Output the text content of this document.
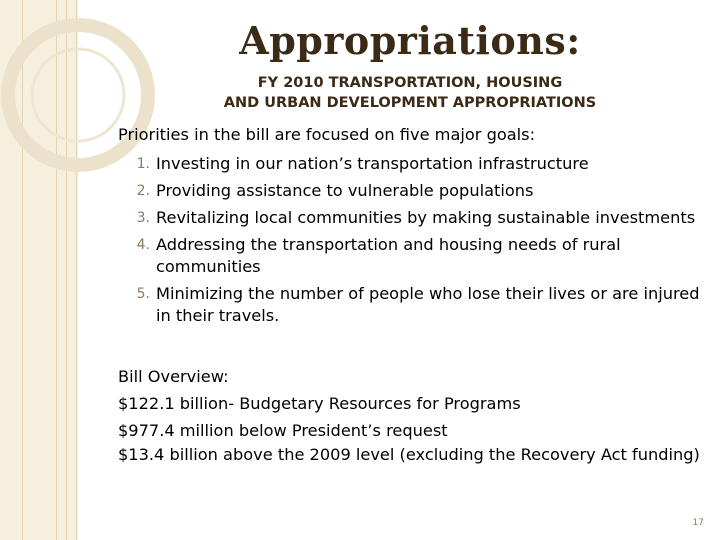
Appropriations:
FY 2010 TRANSPORTATION, HOUSING
AND URBAN DEVELOPMENT APPROPRIATIONS

Priorities in the bill are focused on five major goals:

1. Investing in our nation’s transportation infrastructure
2. Providing assistance to vulnerable populations
3. Revitalizing local communities by making sustainable investments
4. Addressing the transportation and housing needs of rural communities
5. Minimizing the number of people who lose their lives or are injured in their travels.
Bill Overview:
$122.1 billion- Budgetary Resources for Programs
$977.4 million below President’s request
$13.4 billion above the 2009 level (excluding the Recovery Act funding)
17
